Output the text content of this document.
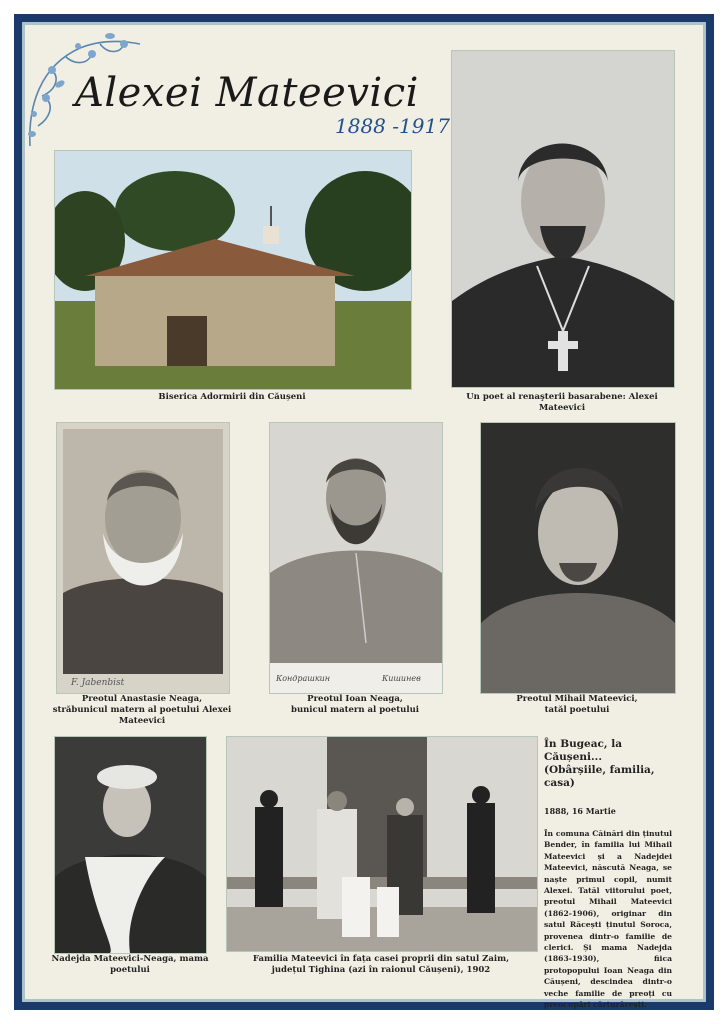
Alexei Mateevici
1888 -1917
Biserica Adormirii din Căușeni	Un poet al renaşterii basarabene: Alexei Mateevici
F. Jabenbist
Preotul Anastasie Neaga,
străbunicul matern al poetului Alexei Mateevici
Кондрашкин	Кишинев
Preotul Ioan Neaga,
bunicul matern al poetului
Preotul Mihail Mateevici,
tatăl poetului
Nadejda Mateevici-Neaga, mama poetului
Familia Mateevici în fața casei proprii din satul Zaim,
județul Tighina (azi în raionul Căușeni), 1902
În Bugeac, la Căușeni...
(Obârșiile, familia, casa)
1888, 16 Martie
În comuna Căinări din ținutul Bender, în familia lui Mihail Mateevici și a Nadejdei Mateevici, născută Neaga, se naște primul copil, numit Alexei. Tatăl viitorului poet, preotul Mihail Mateevici (1862-1906), originar din satul Răcești ținutul Soroca, provenea dintr-o familie de clerici. Și mama Nadejda (1863-1930), fiica protopopului Ioan Neaga din Căușeni, descindea dintr-o veche familie de preoți cu preocupări cărturărești.
